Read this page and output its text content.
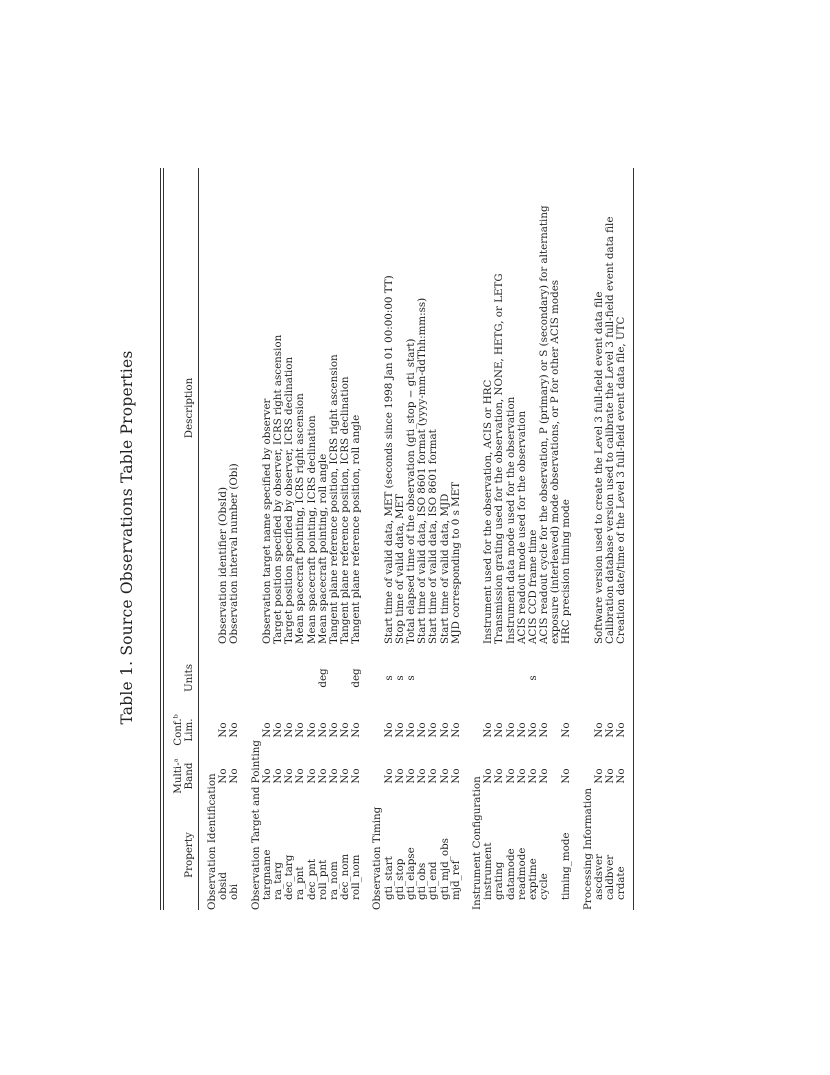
Table 1. Source Observations Table Properties
Property
Multi-ᵃ
Band
Conf.ᵇ
Lim.
Units
Description
Observation Identification obsid
No
No
Observation identifier (ObsId)
obi
No
No
Observation interval number (Obi)
Observation Target and Pointing targname
No
No
Observation target name specified by observer
ra_targ
No
No
Target position specified by observer, ICRS right ascension
dec_targ
No
No
Target position specified by observer, ICRS declination
ra_pnt
No
No
Mean spacecraft pointing, ICRS right ascension
dec_pnt
No
No
Mean spacecraft pointing, ICRS declination
roll_pnt
No
No
deg
Mean spacecraft pointing, roll angle
ra_nom
No
No
Tangent plane reference position, ICRS right ascension
dec_nom
No
No
Tangent plane reference position, ICRS declination
roll_nom
No
No
deg
Tangent plane reference position, roll angle
Observation Timing gti_start
No
No
s
Start time of valid data, MET (seconds since 1998 Jan 01 00:00:00 TT)
gti_stop
No
No
s
Stop time of valid data, MET
gti_elapse
No
No
s
Total elapsed time of the observation (gti_stop − gti_start)
gti_obs
No
No
Start time of valid data, ISO 8601 format (yyyy-mm-ddThh:mm:ss)
gti_end
No
No
Start time of valid data, ISO 8601 format
gti_mjd_obs
No
No
Start time of valid data, MJD
mjd_ref
No
No
MJD corresponding to 0 s MET
Instrument Configuration instrument
No
No
Instrument used for the observation, ACIS or HRC
grating
No
No
Transmission grating used for the observation, NONE, HETG, or LETG
datamode
No
No
Instrument data mode used for the observation
readmode
No
No
ACIS readout mode used for the observation
exptime
No
No
s
ACIS CCD frame time
cycle
No
No
ACIS readout cycle for the observation, P (primary) or S (secondary) for alternating exposure (interleaved) mode observations, or P for other ACIS modes
timing_mode
No
No
HRC precision timing mode
Processing Information ascdsver
No
No
Software version used to create the Level 3 full-field event data file
caldbver
No
No
Calibration database version used to calibrate the Level 3 full-field event data file
crdate
No
No
Creation date/time of the Level 3 full-field event data file, UTC
